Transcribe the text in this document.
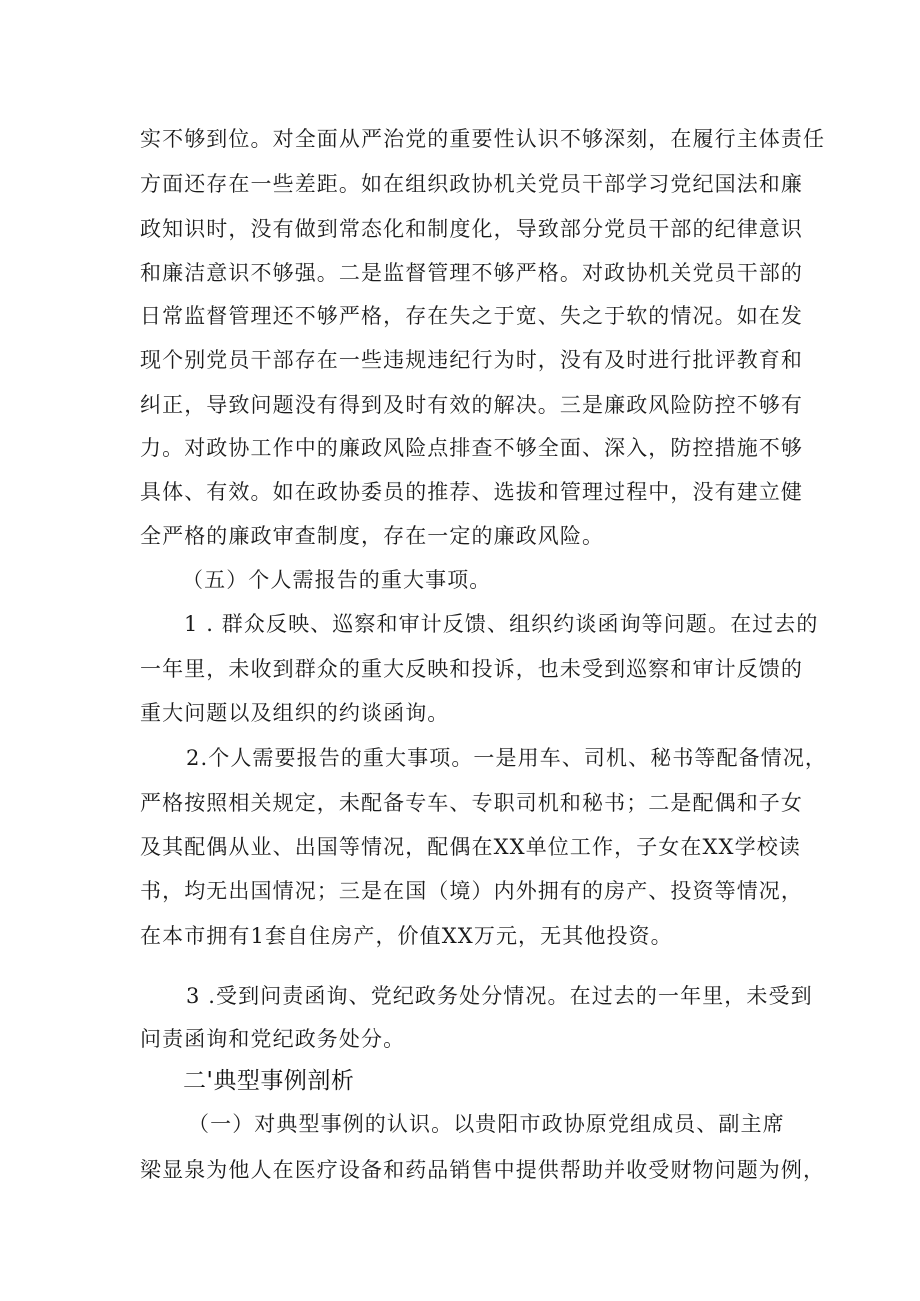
实不够到位。对全面从严治党的重要性认识不够深刻，在履行主体责任
方面还存在一些差距。如在组织政协机关党员干部学习党纪国法和廉
政知识时，没有做到常态化和制度化，导致部分党员干部的纪律意识
和廉洁意识不够强。二是监督管理不够严格。对政协机关党员干部的
日常监督管理还不够严格，存在失之于宽、失之于软的情况。如在发
现个别党员干部存在一些违规违纪行为时，没有及时进行批评教育和
纠正，导致问题没有得到及时有效的解决。三是廉政风险防控不够有
力。对政协工作中的廉政风险点排查不够全面、深入，防控措施不够
具体、有效。如在政协委员的推荐、选拔和管理过程中，没有建立健
全严格的廉政审查制度，存在一定的廉政风险。
（五）个人需报告的重大事项。
1 . 群众反映、巡察和审计反馈、组织约谈函询等问题。在过去的
一年里，未收到群众的重大反映和投诉，也未受到巡察和审计反馈的
重大问题以及组织的约谈函询。
2.个人需要报告的重大事项。一是用车、司机、秘书等配备情况，
严格按照相关规定，未配备专车、专职司机和秘书；二是配偶和子女
及其配偶从业、出国等情况，配偶在XX单位工作，子女在XX学校读
书，均无出国情况；三是在国（境）内外拥有的房产、投资等情况，
在本市拥有1套自住房产，价值XX万元，无其他投资。
3 .受到问责函询、党纪政务处分情况。在过去的一年里，未受到
问责函询和党纪政务处分。
二'典型事例剖析
（一）对典型事例的认识。以贵阳市政协原党组成员、副主席
梁显泉为他人在医疗设备和药品销售中提供帮助并收受财物问题为例，
